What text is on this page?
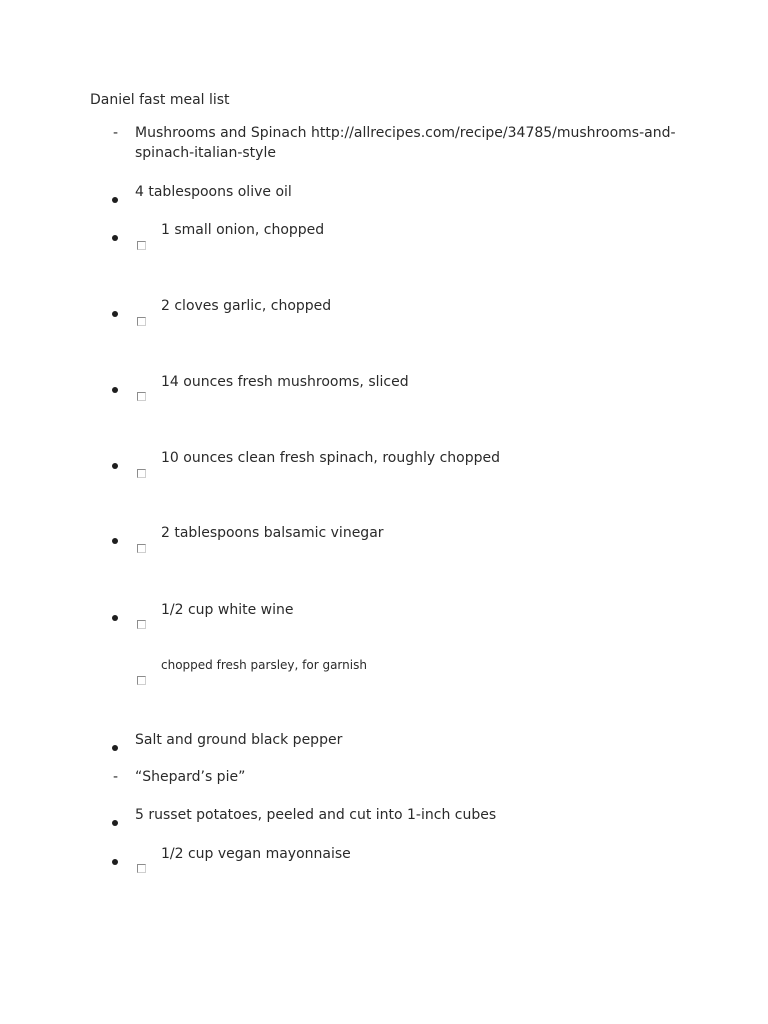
Daniel fast meal list
- Mushrooms and Spinach http://allrecipes.com/recipe/34785/mushrooms-and-spinach-italian-style
4 tablespoons olive oil
1 small onion, chopped
2 cloves garlic, chopped
14 ounces fresh mushrooms, sliced
10 ounces clean fresh spinach, roughly chopped
2 tablespoons balsamic vinegar
1/2 cup white wine
chopped fresh parsley, for garnish
Salt and ground black pepper
- “Shepard’s pie”
5 russet potatoes, peeled and cut into 1-inch cubes
1/2 cup vegan mayonnaise
